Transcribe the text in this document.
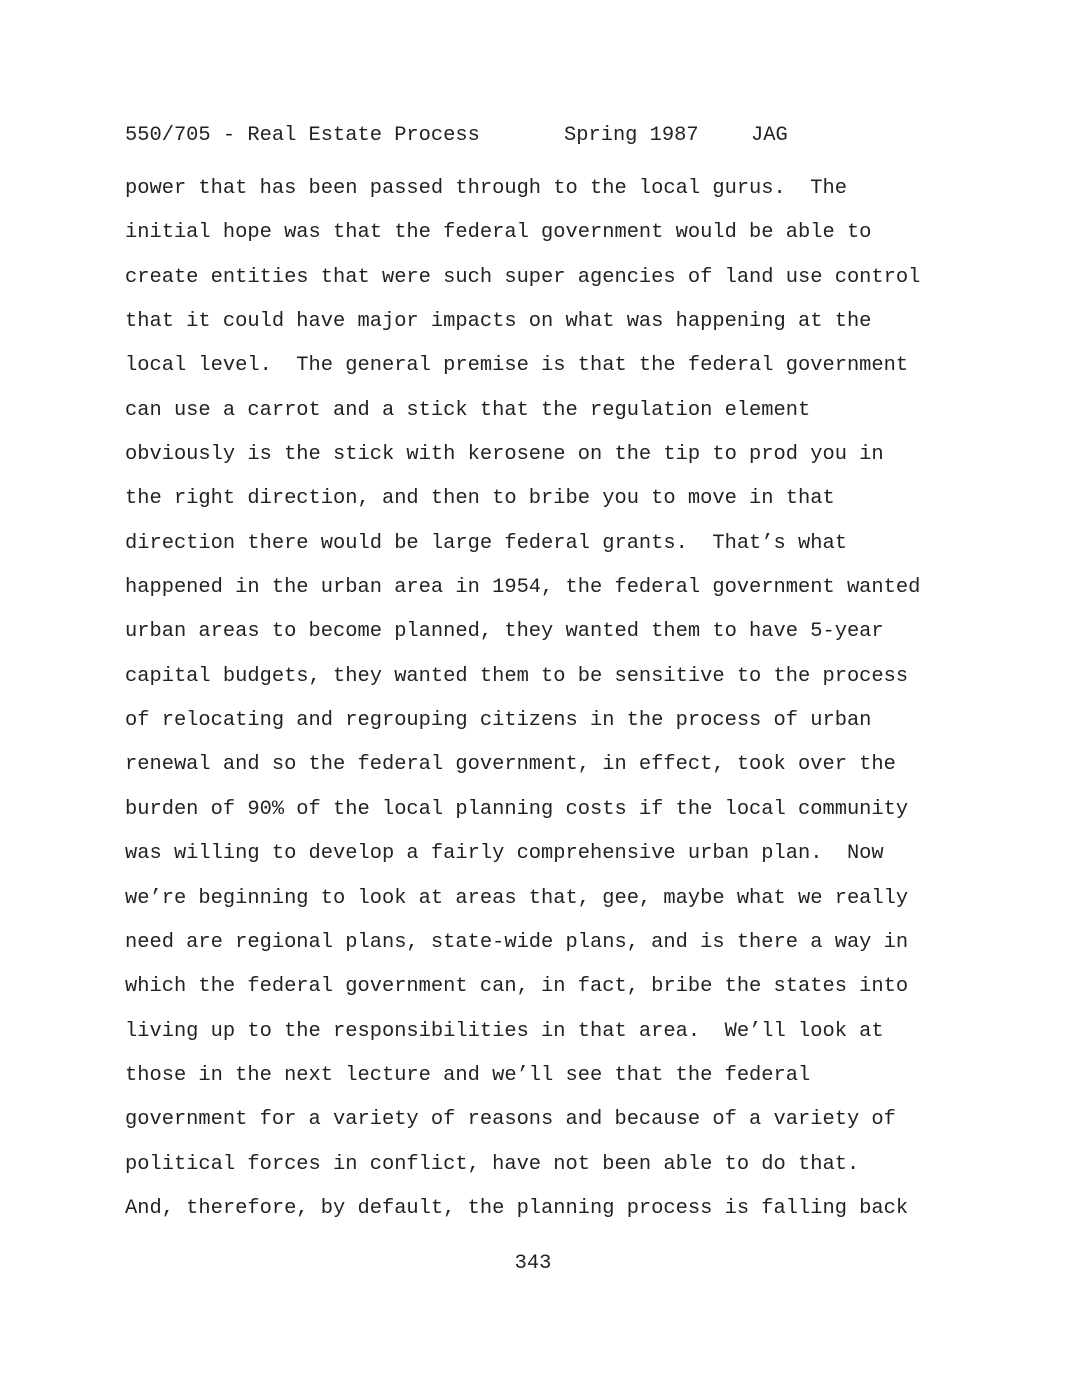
550/705 - Real Estate Process	Spring 1987	JAG
power that has been passed through to the local gurus.  The
initial hope was that the federal government would be able to
create entities that were such super agencies of land use control
that it could have major impacts on what was happening at the
local level.  The general premise is that the federal government
can use a carrot and a stick that the regulation element
obviously is the stick with kerosene on the tip to prod you in
the right direction, and then to bribe you to move in that
direction there would be large federal grants.  That’s what
happened in the urban area in 1954, the federal government wanted
urban areas to become planned, they wanted them to have 5-year
capital budgets, they wanted them to be sensitive to the process
of relocating and regrouping citizens in the process of urban
renewal and so the federal government, in effect, took over the
burden of 90% of the local planning costs if the local community
was willing to develop a fairly comprehensive urban plan.  Now
we’re beginning to look at areas that, gee, maybe what we really
need are regional plans, state-wide plans, and is there a way in
which the federal government can, in fact, bribe the states into
living up to the responsibilities in that area.  We’ll look at
those in the next lecture and we’ll see that the federal
government for a variety of reasons and because of a variety of
political forces in conflict, have not been able to do that.
And, therefore, by default, the planning process is falling back
343
